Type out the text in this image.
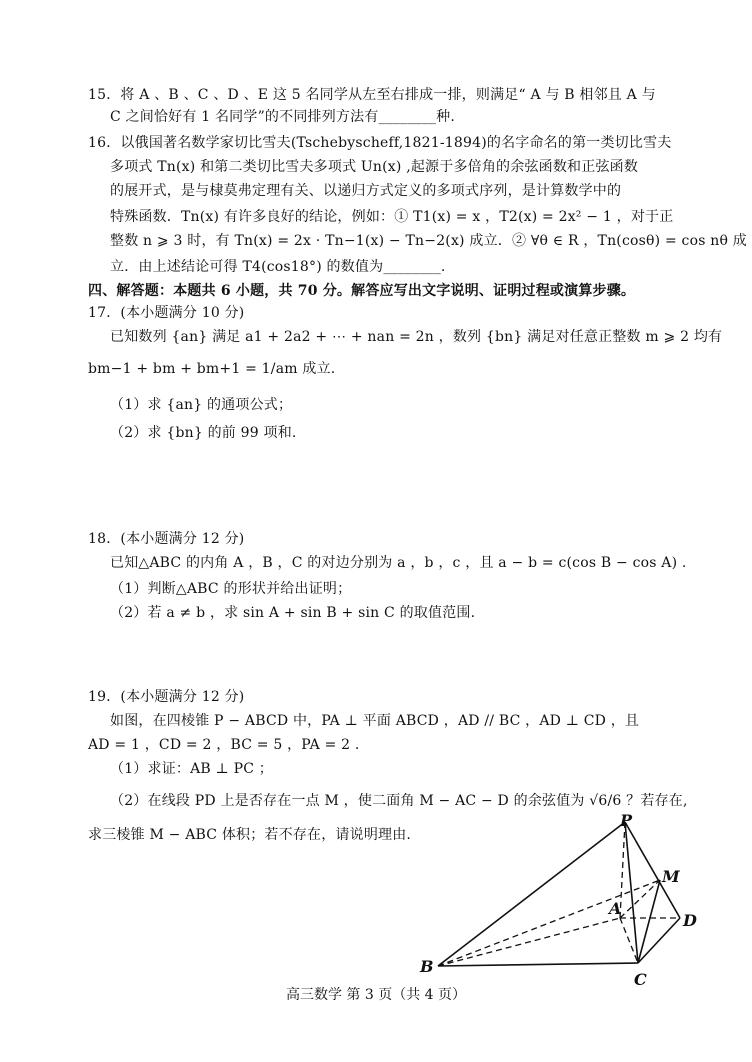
15．将 A 、B 、C 、D 、E 这 5 名同学从左至右排成一排，则满足“ A 与 B 相邻且 A 与
C 之间恰好有 1 名同学”的不同排列方法有________种.
16．以俄国著名数学家切比雪夫(Tschebyscheff,1821-1894)的名字命名的第一类切比雪夫
多项式 Tn(x) 和第二类切比雪夫多项式 Un(x) ,起源于多倍角的余弦函数和正弦函数
的展开式，是与棣莫弗定理有关、以递归方式定义的多项式序列，是计算数学中的
特殊函数．Tn(x) 有许多良好的结论，例如：① T1(x) = x ，T2(x) = 2x² − 1 ，对于正
整数 n ⩾ 3 时，有 Tn(x) = 2x · Tn−1(x) − Tn−2(x) 成立．② ∀θ ∈ R ，Tn(cosθ) = cos nθ 成
立．由上述结论可得 T4(cos18°) 的数值为________.
四、解答题：本题共 6 小题，共 70 分。解答应写出文字说明、证明过程或演算步骤。
17．(本小题满分 10 分)
已知数列 {an} 满足 a1 + 2a2 + ⋯ + nan = 2n ，数列 {bn} 满足对任意正整数 m ⩾ 2 均有
bm−1 + bm + bm+1 = 1/am 成立.
（1）求 {an} 的通项公式；
（2）求 {bn} 的前 99 项和.
18．(本小题满分 12 分)
已知△ABC 的内角 A ，B ，C 的对边分别为 a ，b ，c ，且 a − b = c(cos B − cos A) .
（1）判断△ABC 的形状并给出证明；
（2）若 a ≠ b ，求 sin A + sin B + sin C 的取值范围.
19．(本小题满分 12 分)
如图，在四棱锥 P − ABCD 中，PA ⊥ 平面 ABCD ，AD // BC ，AD ⊥ CD ，且
AD = 1 ，CD = 2 ，BC = 5 ，PA = 2 .
（1）求证：AB ⊥ PC ；
（2）在线段 PD 上是否存在一点 M ，使二面角 M − AC − D 的余弦值为 √6/6 ？若存在,
求三棱锥 M − ABC 体积；若不存在，请说明理由.
P
M
A
D
B
C
高三数学 第 3 页（共 4 页）
